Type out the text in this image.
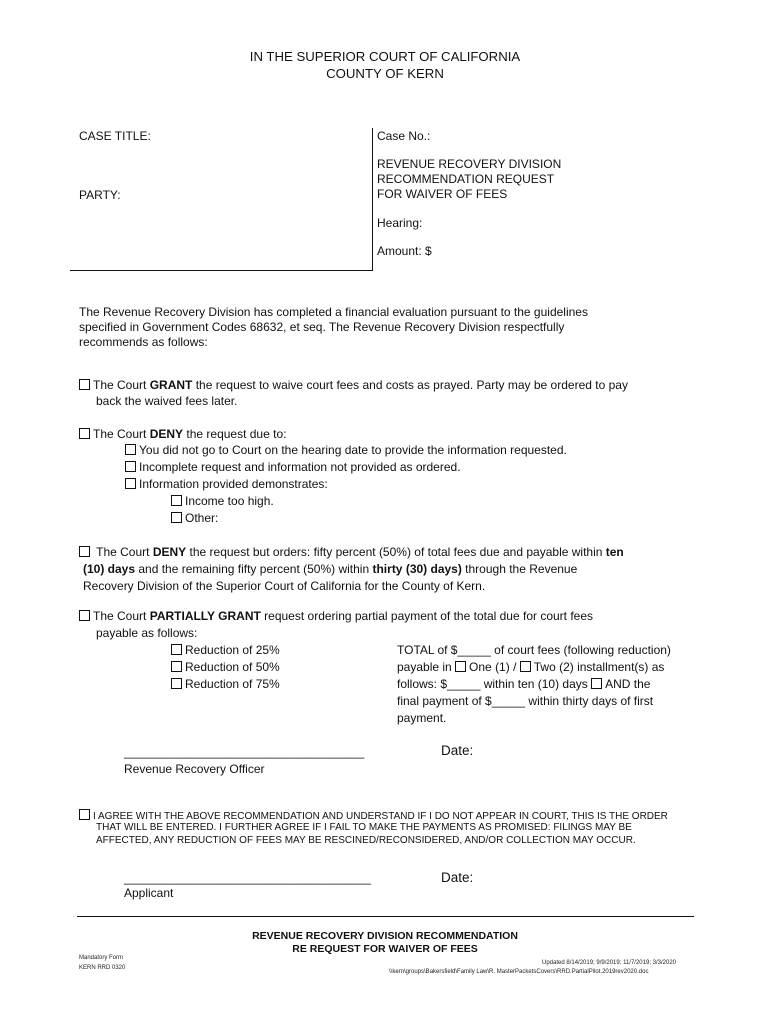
IN THE SUPERIOR COURT OF CALIFORNIA
COUNTY OF KERN
CASE TITLE:
PARTY:
Case No.:
REVENUE RECOVERY DIVISION
RECOMMENDATION REQUEST
FOR WAIVER OF FEES
Hearing:
Amount: $
The Revenue Recovery Division has completed a financial evaluation pursuant to the guidelines
specified in Government Codes 68632, et seq. The Revenue Recovery Division respectfully
recommends as follows:
The Court GRANT the request to waive court fees and costs as prayed. Party may be ordered to pay
back the waived fees later.
The Court DENY the request due to:
You did not go to Court on the hearing date to provide the information requested.
Incomplete request and information not provided as ordered.
Information provided demonstrates:
Income too high.
Other:
The Court DENY the request but orders: fifty percent (50%) of total fees due and payable within ten
(10) days and the remaining fifty percent (50%) within thirty (30) days) through the Revenue
Recovery Division of the Superior Court of California for the County of Kern.
The Court PARTIALLY GRANT request ordering partial payment of the total due for court fees
payable as follows:
Reduction of 25%
Reduction of 50%
Reduction of 75%
TOTAL of $_____ of court fees (following reduction)
payable in One (1) / Two (2) installment(s) as
follows: $_____ within ten (10) days AND the
final payment of $_____ within thirty days of first
payment.
____________________________________
Revenue Recovery Officer
Date:
I AGREE WITH THE ABOVE RECOMMENDATION AND UNDERSTAND IF I DO NOT APPEAR IN COURT, THIS IS THE ORDER
THAT WILL BE ENTERED. I FURTHER AGREE IF I FAIL TO MAKE THE PAYMENTS AS PROMISED: FILINGS MAY BE
AFFECTED, ANY REDUCTION OF FEES MAY BE RESCINED/RECONSIDERED, AND/OR COLLECTION MAY OCCUR.
_____________________________________
Applicant
Date:
REVENUE RECOVERY DIVISION RECOMMENDATION
RE REQUEST FOR WAIVER OF FEES
Mandatory Form
KERN RRD 0320
Updated 8/14/2019; 9/9/2019; 11/7/2019; 3/3/2020
\\kern\groups\Bakersfield\Family Law\R. MasterPacketsCovers\RRD.PartialPilot.2019rev2020.doc
